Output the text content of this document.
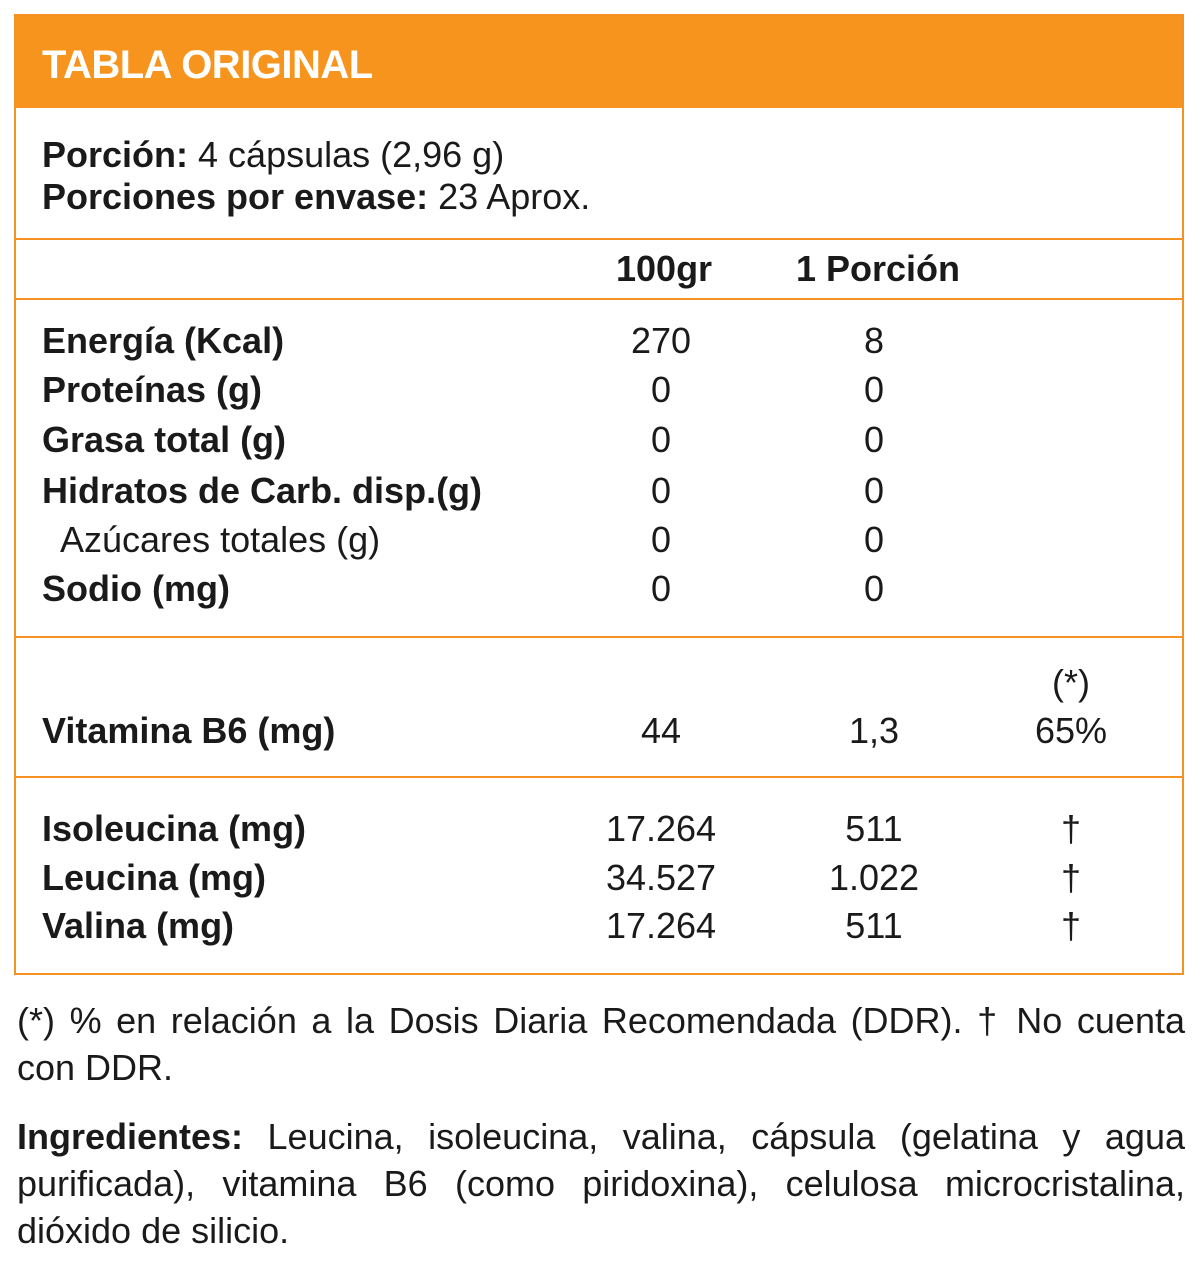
TABLA ORIGINAL
Porción: 4 cápsulas (2,96 g)
Porciones por envase: 23 Aprox.
100gr 1 Porción
Energía (Kcal)	270	8
Proteínas (g)	0	0
Grasa total (g)	0	0
Hidratos de Carb. disp.(g)	0	0
Azúcares totales (g)	0	0
Sodio (mg)	0	0
(*)
Vitamina B6 (mg)	44	1,3	65%
Isoleucina (mg)	17.264	511	†
Leucina (mg)	34.527	1.022	†
Valina (mg)	17.264	511	†
(*) % en relación a la Dosis Diaria Recomendada (DDR). † No cuenta con DDR.
Ingredientes: Leucina, isoleucina, valina, cápsula (gelatina y agua purificada), vitamina B6 (como piridoxina), celulosa microcristalina, dióxido de silicio.
